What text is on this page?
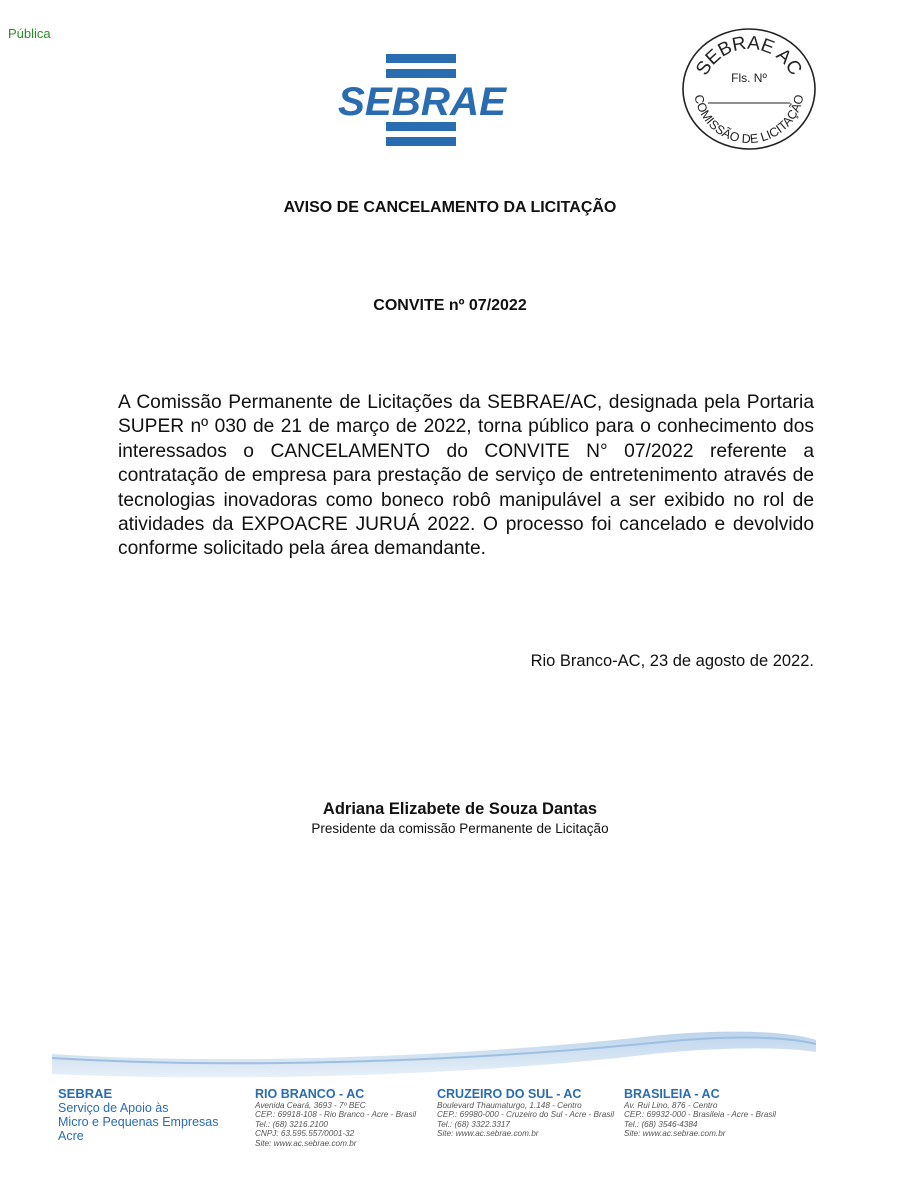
Pública
SEBRAE
SEBRAE AC
COMISSÃO DE LICITAÇÃO
Fls. Nº
AVISO DE CANCELAMENTO DA LICITAÇÃO
CONVITE nº 07/2022
A Comissão Permanente de Licitações da SEBRAE/AC, designada pela Portaria SUPER nº 030 de 21 de março de 2022, torna público para o conhecimento dos interessados o CANCELAMENTO do CONVITE N° 07/2022 referente a contratação de empresa para prestação de serviço de entretenimento através de tecnologias inovadoras como boneco robô manipulável a ser exibido no rol de atividades da EXPOACRE JURUÁ 2022. O processo foi cancelado e devolvido conforme solicitado pela área demandante.
Rio Branco-AC, 23 de agosto de 2022.
Adriana Elizabete de Souza Dantas
Presidente da comissão Permanente de Licitação
SEBRAE
Serviço de Apoio às
Micro e Pequenas Empresas
Acre
RIO BRANCO - AC
Avenida Ceará, 3693 - 7º BEC
CEP.: 69918-108 - Rio Branco - Acre - Brasil
Tel.: (68) 3216.2100
CNPJ: 63.595.557/0001-32
Site: www.ac.sebrae.com.br
CRUZEIRO DO SUL - AC
Boulevard Thaumaturgo, 1.148 - Centro
CEP.: 69980-000 - Cruzeiro do Sul - Acre - Brasil
Tel.: (68) 3322.3317
Site: www.ac.sebrae.com.br
BRASILEIA - AC
Av. Rui Lino, 876 - Centro
CEP.: 69932-000 - Brasileia - Acre - Brasil
Tel.: (68) 3546-4384
Site: www.ac.sebrae.com.br
